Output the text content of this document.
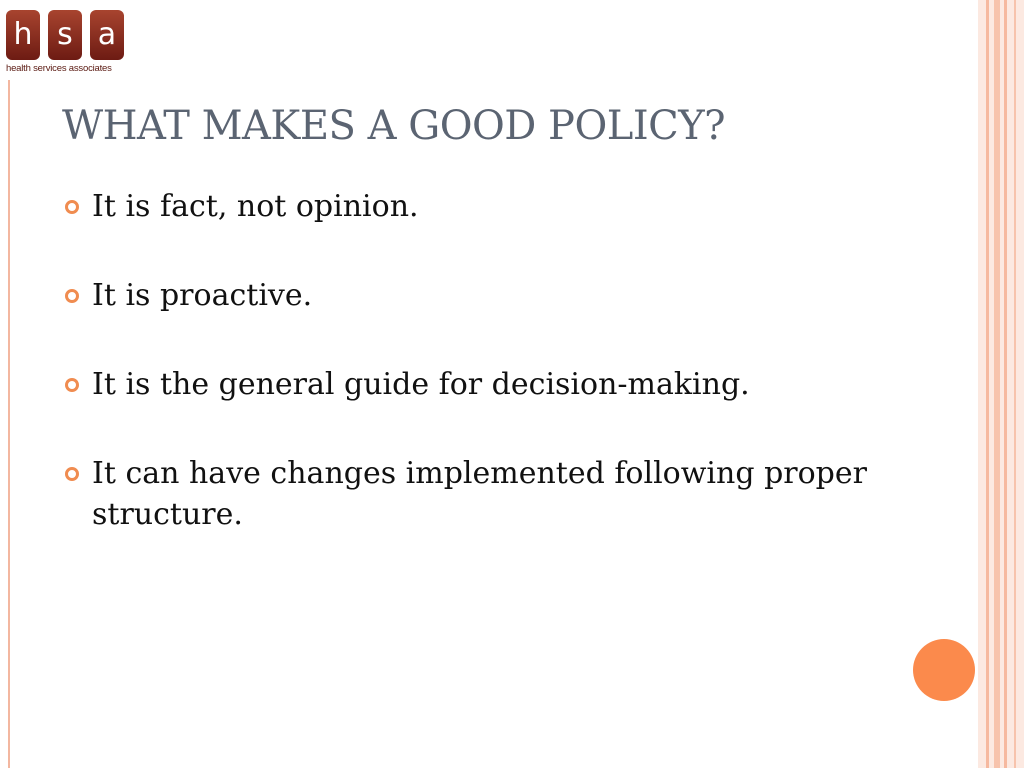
h s a
health services associates
WHAT MAKES A GOOD POLICY?
It is fact, not opinion.
It is proactive.
It is the general guide for decision-making.
It can have changes implemented following proper structure.
